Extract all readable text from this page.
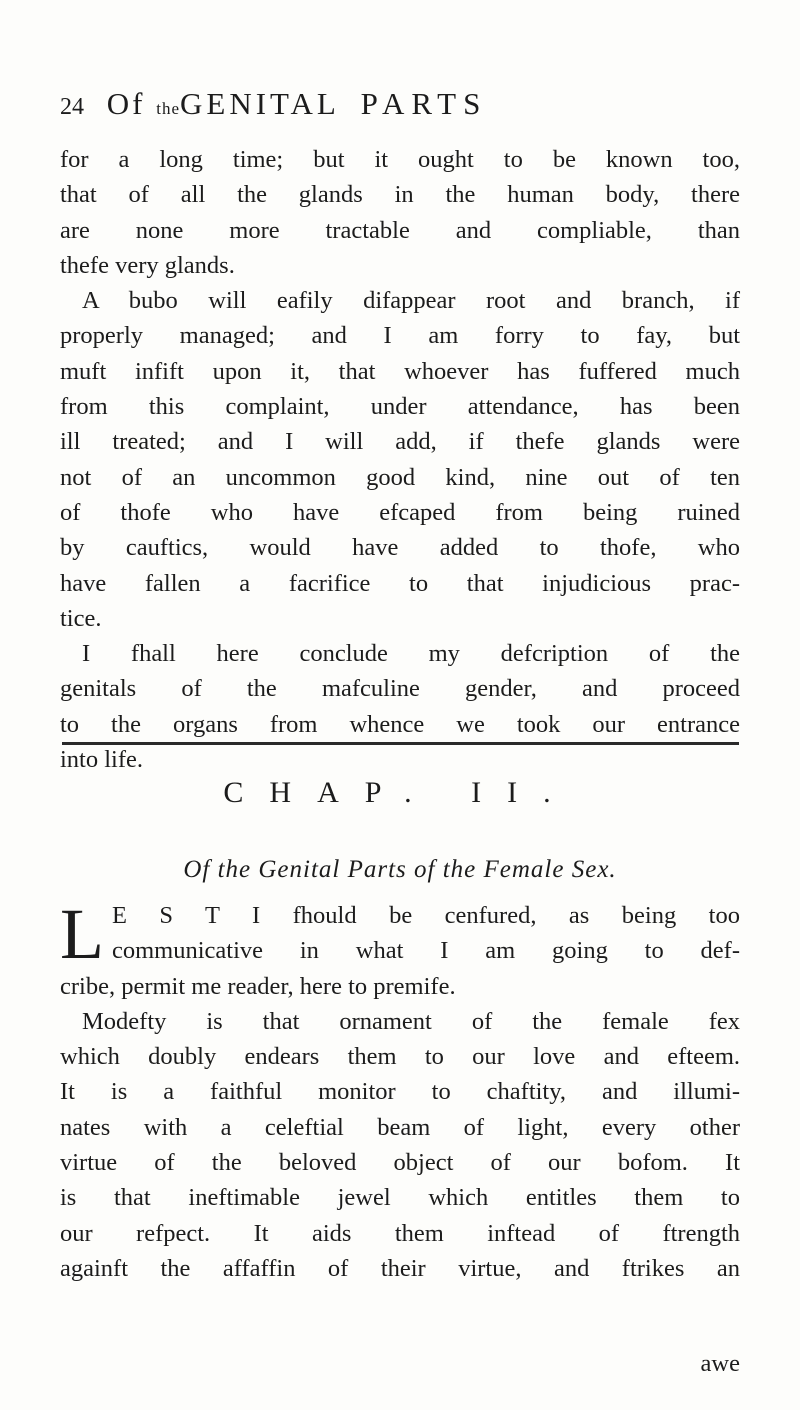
24 Of theGENITAL PARTS
for a long time; but it ought to be known too,
that of all the glands in the human body, there
are none more tractable and compliable, than
thefe very glands.
A bubo will eafily difappear root and branch, if
properly managed; and I am forry to fay, but
muft infift upon it, that whoever has fuffered much
from this complaint, under attendance, has been
ill treated; and I will add, if thefe glands were
not of an uncommon good kind, nine out of ten
of thofe who have efcaped from being ruined
by cauftics, would have added to thofe, who
have fallen a facrifice to that injudicious prac-
tice.
I fhall here conclude my defcription of the
genitals of the mafculine gender, and proceed
to the organs from whence we took our entrance
into life.
CHAP. II.
Of the Genital Parts of the Female Sex.
L E S T I fhould be cenfured, as being too
communicative in what I am going to def-
cribe, permit me reader, here to premife.
Modefty is that ornament of the female fex
which doubly endears them to our love and efteem.
It is a faithful monitor to chaftity, and illumi-
nates with a celeftial beam of light, every other
virtue of the beloved object of our bofom. It
is that ineftimable jewel which entitles them to
our refpect. It aids them inftead of ftrength
againft the affaffin of their virtue, and ftrikes an
awe
